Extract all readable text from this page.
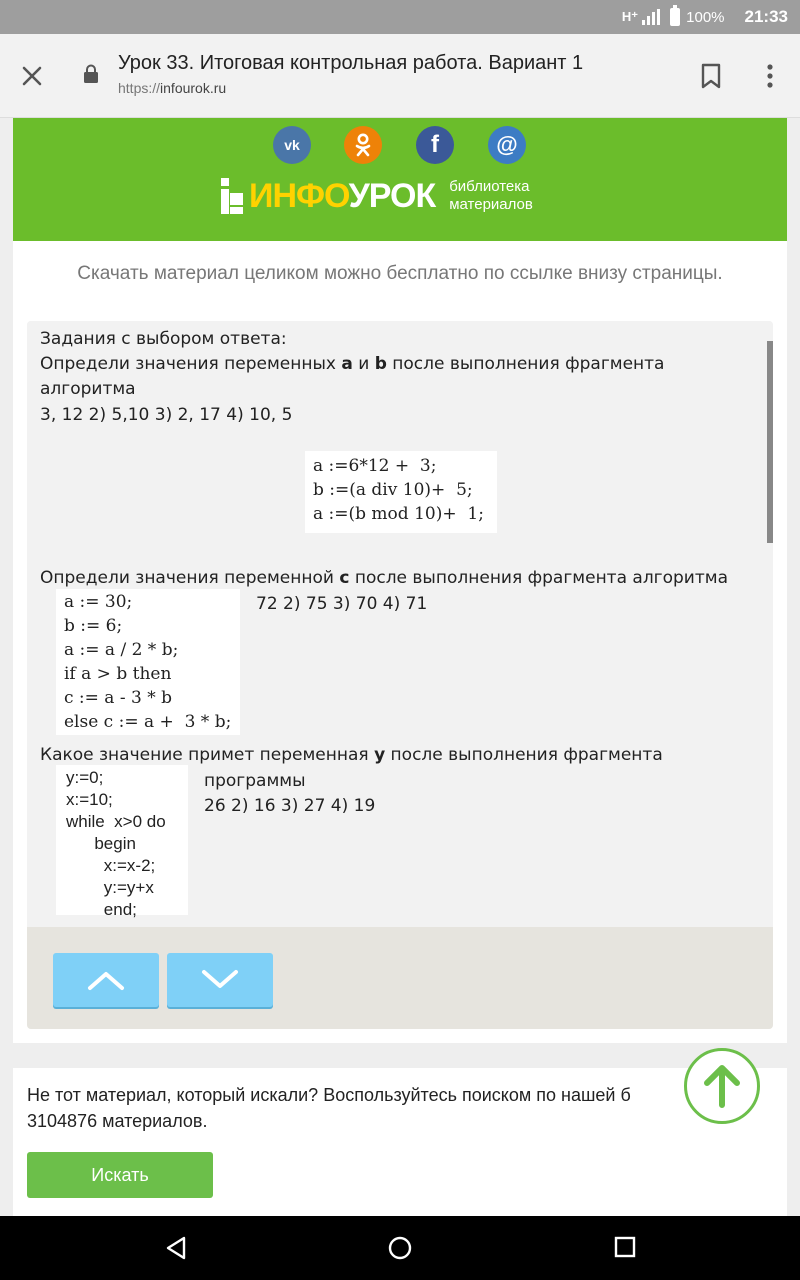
H⁺	100% 21:33
Урок 33. Итоговая контрольная работа. Вариант 1
https://infourok.ru
vk	f	@
ИНФОУРОК библиотека
материалов
Скачать материал целиком можно бесплатно по ссылке внизу страницы.
Задания с выбором ответа:
Определи значения переменных a и b после выполнения фрагмента
алгоритма
3, 12 2) 5,10 3) 2, 17 4) 10, 5
a :=6*12 +  3;
b :=(a div 10)+  5;
a :=(b mod 10)+  1;
Определи значения переменной c после выполнения фрагмента алгоритма
a := 30;
b := 6;
a := a / 2 * b;
if a > b then
c := a - 3 * b
else c := a +  3 * b;
72 2) 75 3) 70 4) 71
Какое значение примет переменная y после выполнения фрагмента
y:=0;
x:=10;
while  x>0 do
begin
x:=x-2;
y:=y+x
end;
программы
26 2) 16 3) 27 4) 19
Не тот материал, который искали? Воспользуйтесь поиском по нашей б
3104876 материалов.
Искать
